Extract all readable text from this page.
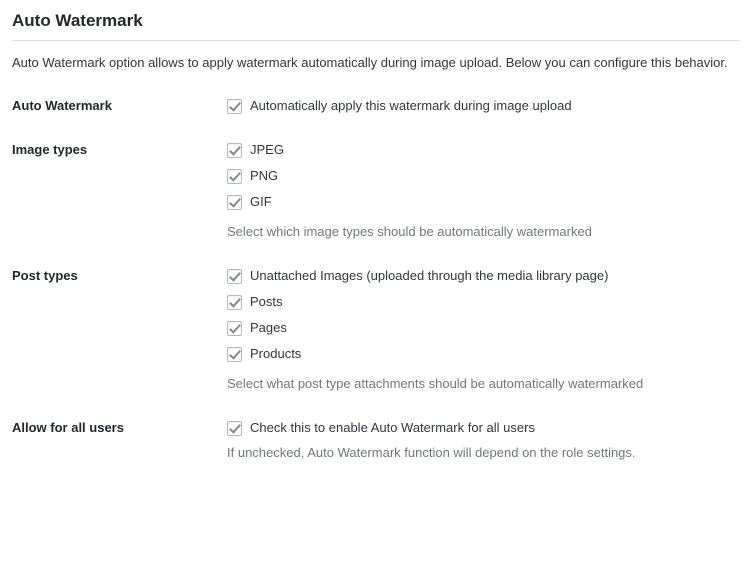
Auto Watermark

Auto Watermark option allows to apply watermark automatically during image upload. Below you can configure this behavior.

Auto Watermark	Automatically apply this watermark during image upload

Image types	JPEG
PNG
GIF
Select which image types should be automatically watermarked

Post types	Unattached Images (uploaded through the media library page)
Posts
Pages
Products
Select what post type attachments should be automatically watermarked

Allow for all users	Check this to enable Auto Watermark for all users
If unchecked, Auto Watermark function will depend on the role settings.
